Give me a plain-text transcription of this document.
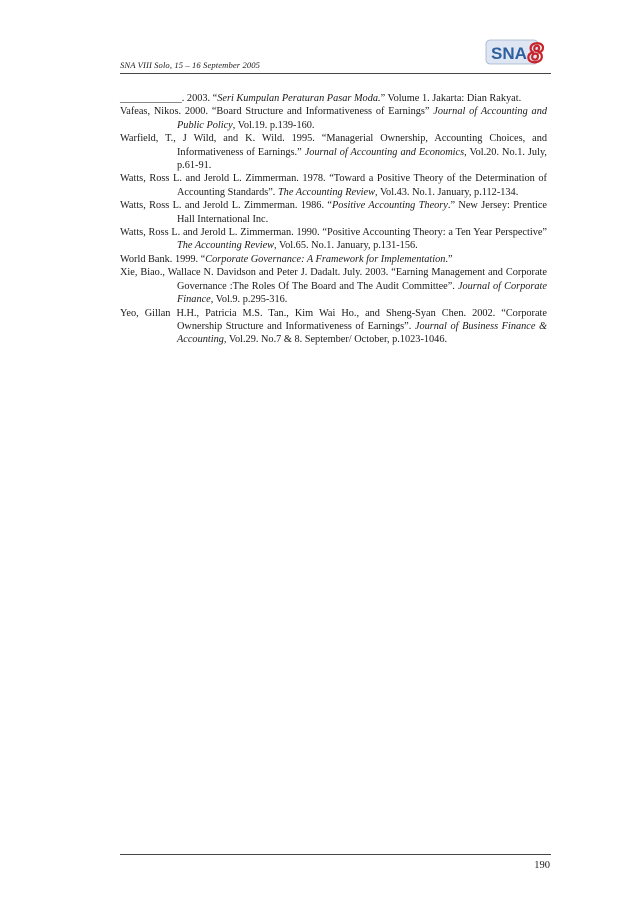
SNA VIII Solo, 15 – 16 September 2005
SNA 8

____________. 2003. “Seri Kumpulan Peraturan Pasar Moda.” Volume 1. Jakarta: Dian Rakyat.

Vafeas, Nikos. 2000. “Board Structure and Informativeness of Earnings” Journal of Accounting and Public Policy, Vol.19. p.139-160.

Warfield, T., J Wild, and K. Wild. 1995. “Managerial Ownership, Accounting Choices, and Informativeness of Earnings.” Journal of Accounting and Economics, Vol.20. No.1. July, p.61-91.

Watts, Ross L. and Jerold L. Zimmerman. 1978. “Toward a Positive Theory of the Determination of Accounting Standards”. The Accounting Review, Vol.43. No.1. January, p.112-134.

Watts, Ross L. and Jerold L. Zimmerman. 1986. “Positive Accounting Theory.” New Jersey: Prentice Hall International Inc.

Watts, Ross L. and Jerold L. Zimmerman. 1990. “Positive Accounting Theory: a Ten Year Perspective” The Accounting Review, Vol.65. No.1. January, p.131-156.

World Bank. 1999. “Corporate Governance: A Framework for Implementation.”

Xie, Biao., Wallace N. Davidson and Peter J. Dadalt. July. 2003. “Earning Management and Corporate Governance :The Roles Of The Board and The Audit Committee”. Journal of Corporate Finance, Vol.9. p.295-316.

Yeo, Gillan H.H., Patricia M.S. Tan., Kim Wai Ho., and Sheng-Syan Chen. 2002. “Corporate Ownership Structure and Informativeness of Earnings”. Journal of Business Finance & Accounting, Vol.29. No.7 & 8. September/ October, p.1023-1046.

190
